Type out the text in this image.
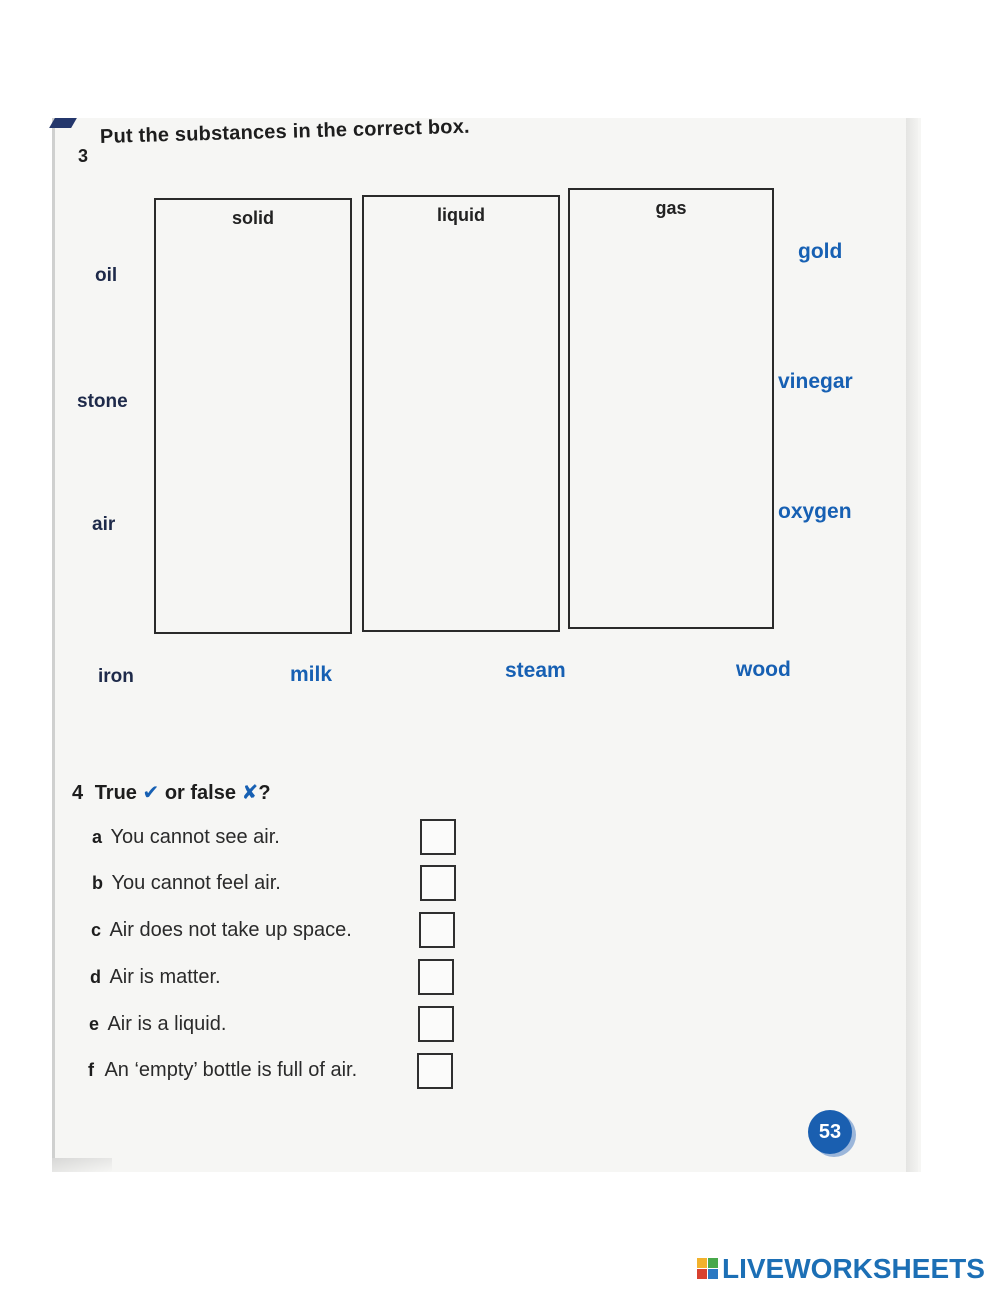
3
Put the substances in the correct box.
solid	liquid	gas
oil
stone
air
gold
vinegar
oxygen
iron	milk	steam	wood
4 True ✔ or false ✘?
a You cannot see air.
b You cannot feel air.
c Air does not take up space.
d Air is matter.
e Air is a liquid.
f An ‘empty’ bottle is full of air.
53
LIVEWORKSHEETS
